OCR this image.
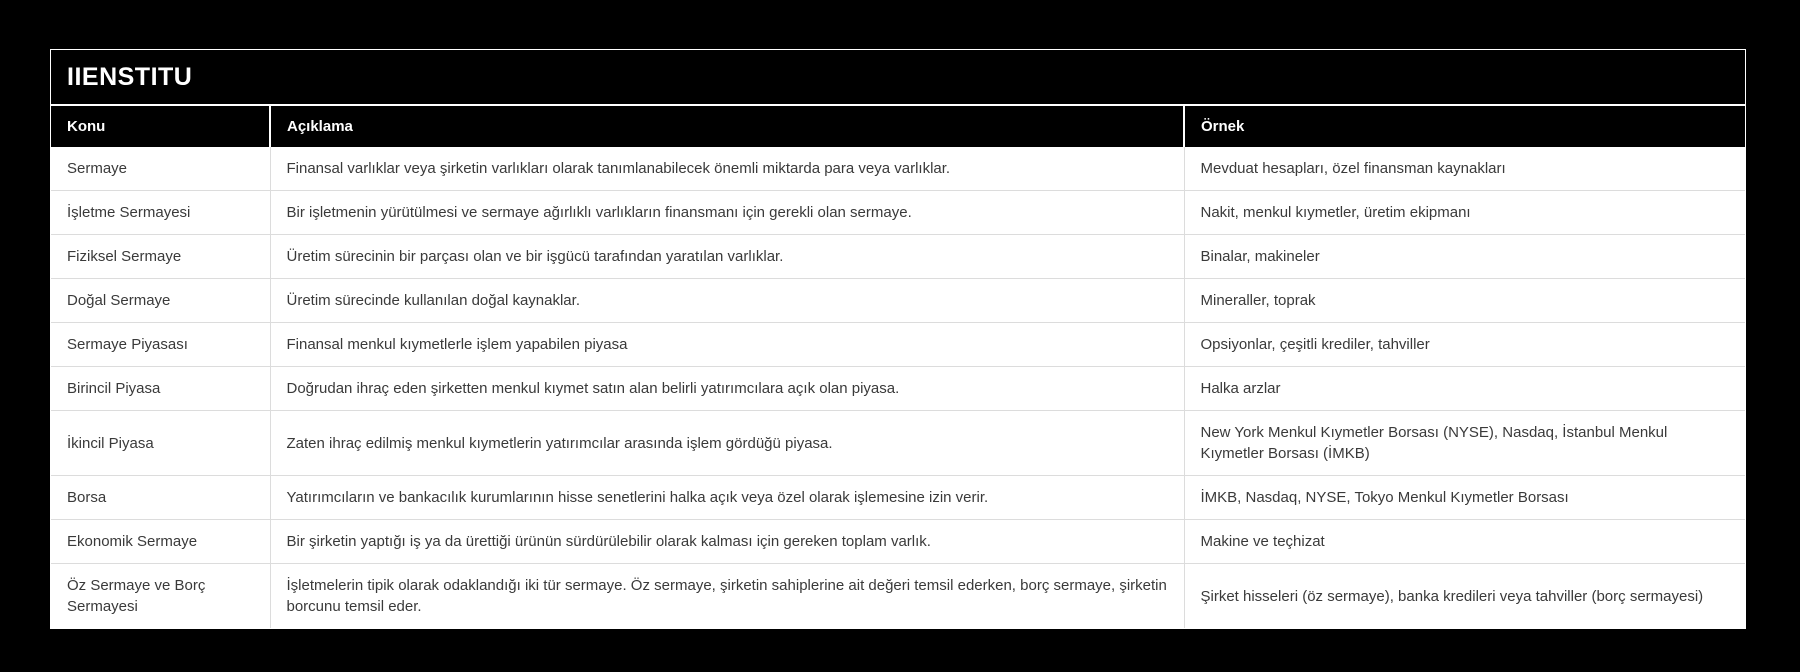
IIENSTITU
Konu	Açıklama	Örnek
Sermaye	Finansal varlıklar veya şirketin varlıkları olarak tanımlanabilecek önemli miktarda para veya varlıklar.	Mevduat hesapları, özel finansman kaynakları
İşletme Sermayesi	Bir işletmenin yürütülmesi ve sermaye ağırlıklı varlıkların finansmanı için gerekli olan sermaye.	Nakit, menkul kıymetler, üretim ekipmanı
Fiziksel Sermaye	Üretim sürecinin bir parçası olan ve bir işgücü tarafından yaratılan varlıklar.	Binalar, makineler
Doğal Sermaye	Üretim sürecinde kullanılan doğal kaynaklar.	Mineraller, toprak
Sermaye Piyasası	Finansal menkul kıymetlerle işlem yapabilen piyasa	Opsiyonlar, çeşitli krediler, tahviller
Birincil Piyasa	Doğrudan ihraç eden şirketten menkul kıymet satın alan belirli yatırımcılara açık olan piyasa.	Halka arzlar
İkincil Piyasa	Zaten ihraç edilmiş menkul kıymetlerin yatırımcılar arasında işlem gördüğü piyasa.	New York Menkul Kıymetler Borsası (NYSE), Nasdaq, İstanbul Menkul Kıymetler Borsası (İMKB)
Borsa	Yatırımcıların ve bankacılık kurumlarının hisse senetlerini halka açık veya özel olarak işlemesine izin verir.	İMKB, Nasdaq, NYSE, Tokyo Menkul Kıymetler Borsası
Ekonomik Sermaye	Bir şirketin yaptığı iş ya da ürettiği ürünün sürdürülebilir olarak kalması için gereken toplam varlık.	Makine ve teçhizat
Öz Sermaye ve Borç Sermayesi	İşletmelerin tipik olarak odaklandığı iki tür sermaye. Öz sermaye, şirketin sahiplerine ait değeri temsil ederken, borç sermaye, şirketin borcunu temsil eder.	Şirket hisseleri (öz sermaye), banka kredileri veya tahviller (borç sermayesi)
